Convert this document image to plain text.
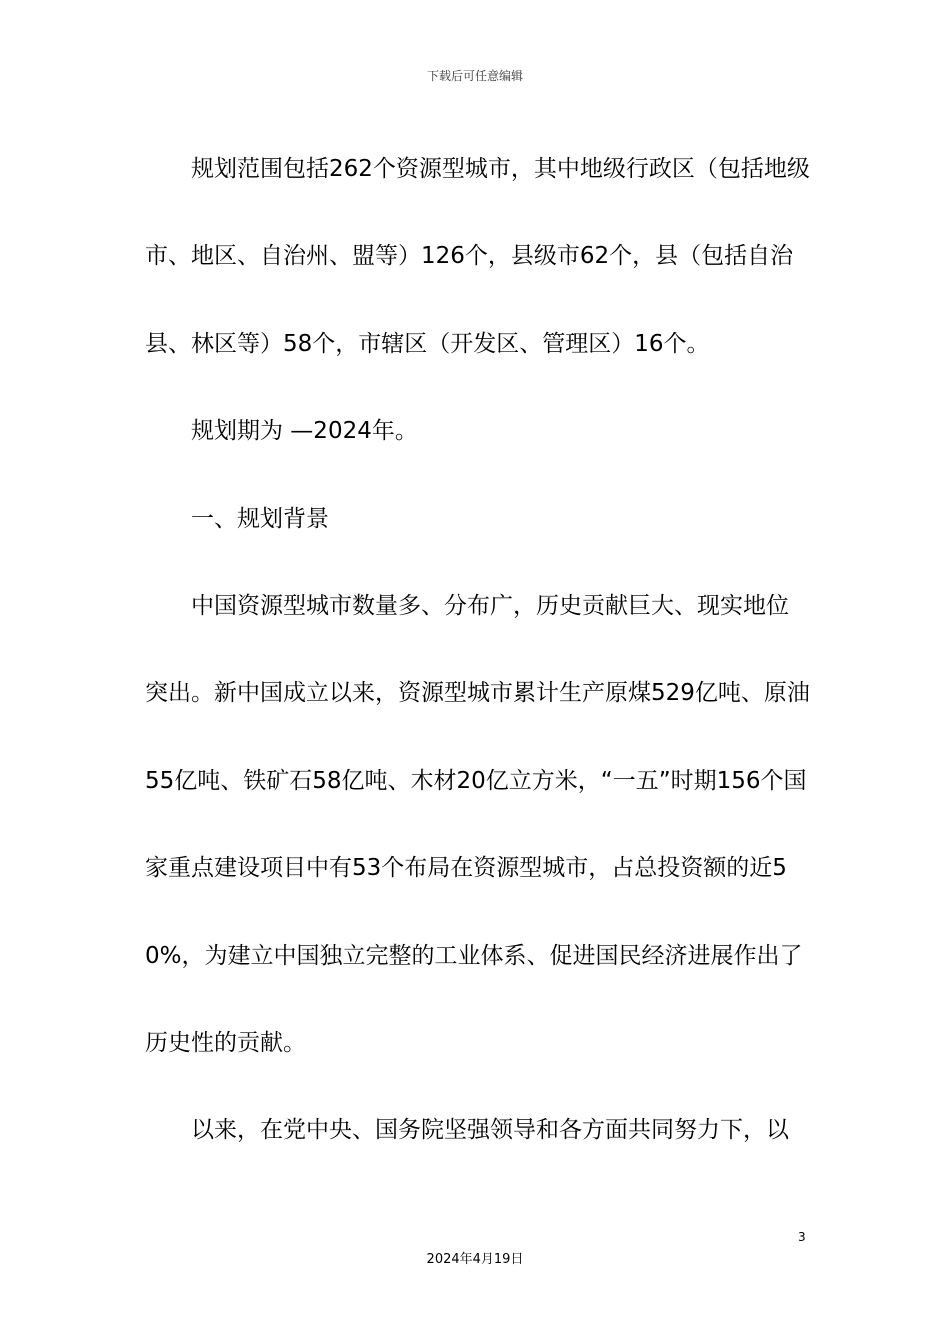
下载后可任意编辑

规划范围包括262个资源型城市，其中地级行政区（包括地级市、地区、自治州、盟等）126个，县级市62个，县（包括自治县、林区等）58个，市辖区（开发区、管理区）16个。

规划期为 —2024年。

一、规划背景

中国资源型城市数量多、分布广，历史贡献巨大、现实地位突出。新中国成立以来，资源型城市累计生产原煤529亿吨、原油55亿吨、铁矿石58亿吨、木材20亿立方米，“一五”时期156个国家重点建设项目中有53个布局在资源型城市，占总投资额的近50%，为建立中国独立完整的工业体系、促进国民经济进展作出了历史性的贡献。

以来，在党中央、国务院坚强领导和各方面共同努力下，以

3
2024年4月19日
